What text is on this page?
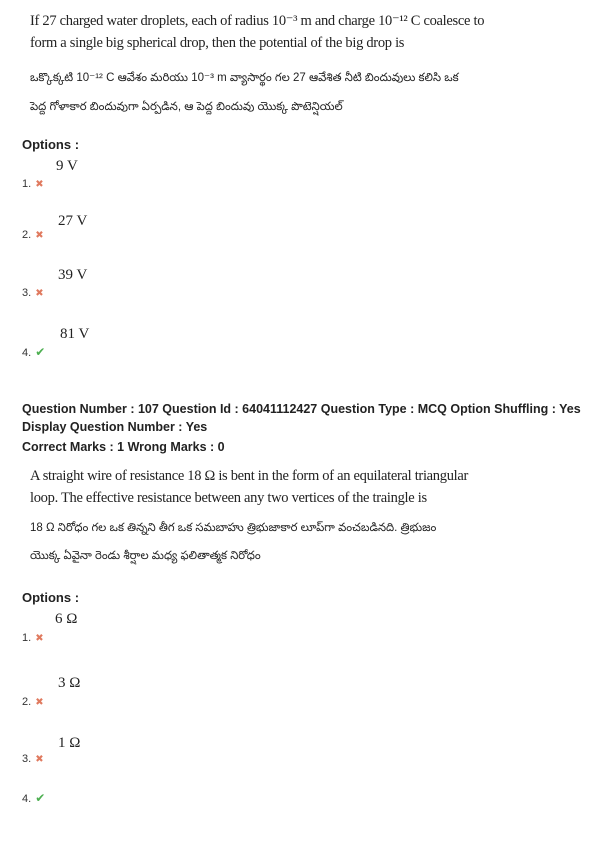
If 27 charged water droplets, each of radius 10⁻³ m and charge 10⁻¹² C coalesce to
form a single big spherical drop, then the potential of the big drop is
ఒక్కొక్కటి 10⁻¹² C ఆవేశం మరియు 10⁻³ m వ్యాసార్థం గల 27 ఆవేశిత నీటి బిందువులు కలిసి ఒక
పెద్ద గోళాకార బిందువుగా ఏర్పడిన, ఆ పెద్ద బిందువు యొక్క పొటెన్షియల్
Options :
9 V
1. ✖
27 V
2. ✖
39 V
3. ✖
81 V
4. ✔
Question Number : 107 Question Id : 64041112427 Question Type : MCQ Option Shuffling : Yes
Display Question Number : Yes
Correct Marks : 1 Wrong Marks : 0
A straight wire of resistance 18 Ω is bent in the form of an equilateral triangular
loop. The effective resistance between any two vertices of the traingle is
18 Ω నిరోధం గల ఒక తిన్నని తీగ ఒక సమబాహు త్రిభుజాకార లూప్‌గా వంచబడినది. త్రిభుజం
యొక్క ఏవైనా రెండు శీర్షాల మధ్య ఫలితాత్మక నిరోధం
Options :
6 Ω
1. ✖
3 Ω
2. ✖
1 Ω
3. ✖
4. ✔
